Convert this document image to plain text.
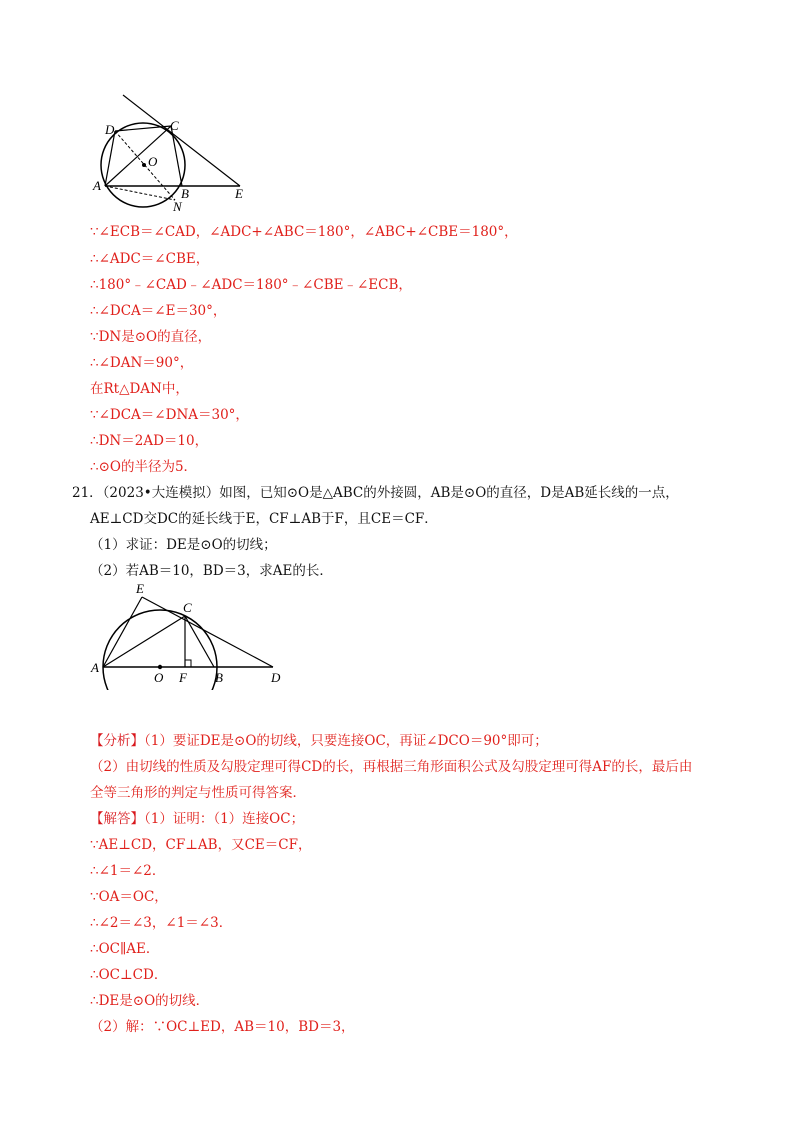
D	C
O
A
B
N
E
∵∠ECB＝∠CAD，∠ADC+∠ABC＝180°，∠ABC+∠CBE＝180°，
∴∠ADC＝∠CBE，
∴180°﹣∠CAD﹣∠ADC＝180°﹣∠CBE﹣∠ECB，
∴∠DCA＝∠E＝30°，
∵DN是⊙O的直径，
∴∠DAN＝90°，
在Rt△DAN中，
∵∠DCA＝∠DNA＝30°，
∴DN＝2AD＝10，
∴⊙O的半径为5．
21．（2023•大连模拟）如图，已知⊙O是△ABC的外接圆，AB是⊙O的直径，D是AB延长线的一点，
AE⊥CD交DC的延长线于E，CF⊥AB于F，且CE＝CF．
（1）求证：DE是⊙O的切线；
（2）若AB＝10，BD＝3，求AE的长．
E
C
A
O F B	D
【分析】（1）要证DE是⊙O的切线，只要连接OC，再证∠DCO＝90°即可；
（2）由切线的性质及勾股定理可得CD的长，再根据三角形面积公式及勾股定理可得AF的长，最后由
全等三角形的判定与性质可得答案．
【解答】（1）证明：（1）连接OC；
∵AE⊥CD，CF⊥AB，又CE＝CF，
∴∠1＝∠2．
∵OA＝OC，
∴∠2＝∠3，∠1＝∠3．
∴OC∥AE．
∴OC⊥CD．
∴DE是⊙O的切线．
（2）解：∵OC⊥ED，AB＝10，BD＝3，
